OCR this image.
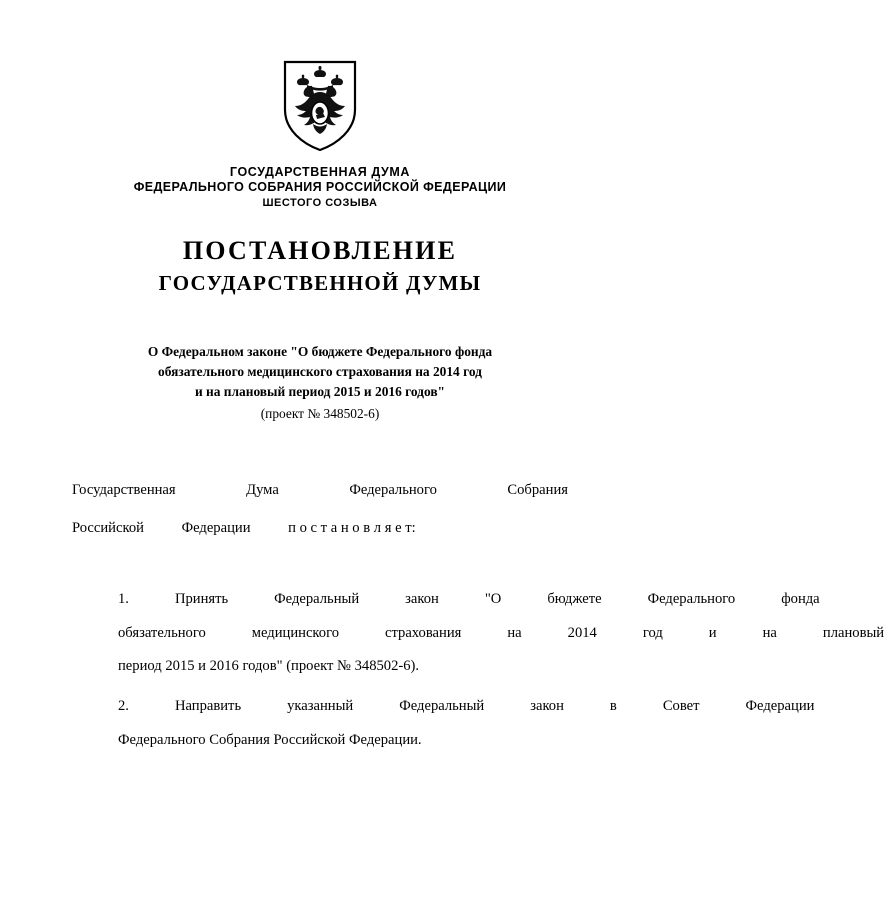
ГОСУДАРСТВЕННАЯ ДУМА
ФЕДЕРАЛЬНОГО СОБРАНИЯ РОССИЙСКОЙ ФЕДЕРАЦИИ
ШЕСТОГО СОЗЫВА
ПОСТАНОВЛЕНИЕ
ГОСУДАРСТВЕННОЙ ДУМЫ
О Федеральном законе "О бюджете Федерального фонда
обязательного медицинского страхования на 2014 год
и на плановый период 2015 и 2016 годов"
(проект № 348502-6)
Государственная	Дума	Федерального	Собрания
Российской	Федерации	п о с т а н о в л я е т:
1.	Принять	Федеральный	закон	"О	бюджете	Федерального	фонда
обязательного	медицинского	страхования	на	2014	год	и	на	плановый
период 2015 и 2016 годов" (проект № 348502-6).
2.	Направить	указанный	Федеральный	закон	в	Совет	Федерации
Федерального Собрания Российской Федерации.
